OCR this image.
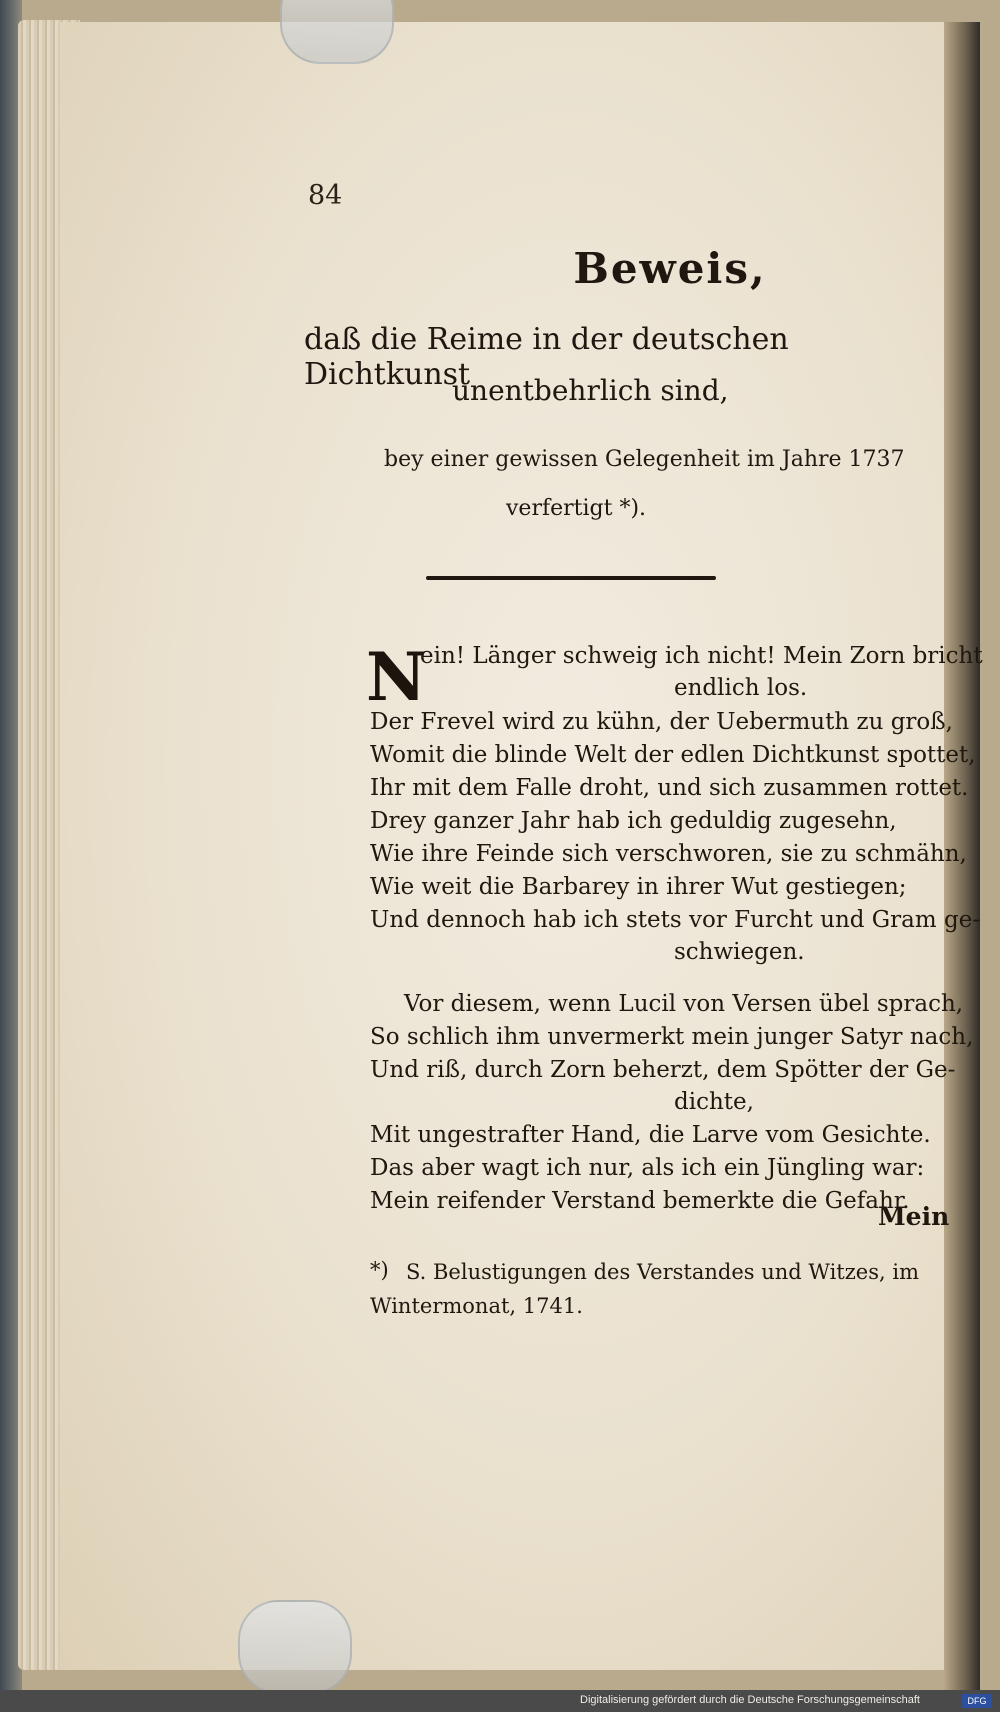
84
Beweis,
daß die Reime in der deutschen Dichtkunst
unentbehrlich sind,
bey einer gewissen Gelegenheit im Jahre 1737
verfertigt *).
N
ein! Länger schweig ich nicht! Mein Zorn bricht
endlich los.
Der Frevel wird zu kühn, der Uebermuth zu groß,
Womit die blinde Welt der edlen Dichtkunst spottet,
Ihr mit dem Falle droht, und sich zusammen rottet.
Drey ganzer Jahr hab ich geduldig zugesehn,
Wie ihre Feinde sich verschworen, sie zu schmähn,
Wie weit die Barbarey in ihrer Wut gestiegen;
Und dennoch hab ich stets vor Furcht und Gram ge-
schwiegen.
Vor diesem, wenn Lucil von Versen übel sprach,
So schlich ihm unvermerkt mein junger Satyr nach,
Und riß, durch Zorn beherzt, dem Spötter der Ge-
dichte,
Mit ungestrafter Hand, die Larve vom Gesichte.
Das aber wagt ich nur, als ich ein Jüngling war:
Mein reifender Verstand bemerkte die Gefahr.
Mein
*) S. Belustigungen des Verstandes und Witzes, im
Wintermonat, 1741.
Digitalisierung gefördert durch die Deutsche Forschungsgemeinschaft	DFG
